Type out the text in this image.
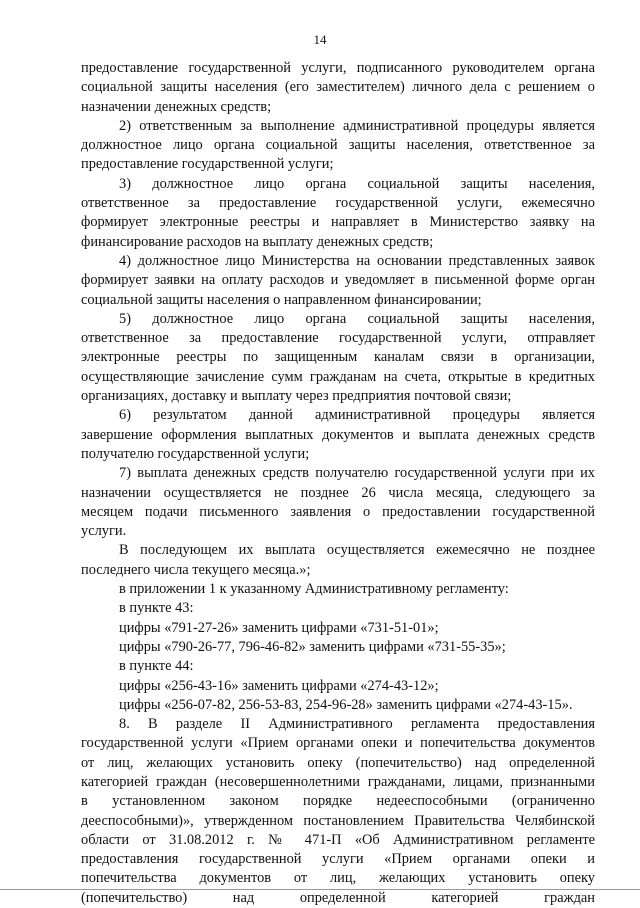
14

предоставление государственной услуги, подписанного руководителем органа

социальной защиты населения (его заместителем) личного дела с решением о

назначении денежных средств;

2) ответственным за выполнение административной процедуры является

должностное лицо органа социальной защиты населения, ответственное за

предоставление государственной услуги;

3) должностное лицо органа социальной защиты населения,

ответственное за предоставление государственной услуги, ежемесячно

формирует электронные реестры и направляет в Министерство заявку на

финансирование расходов на выплату денежных средств;

4) должностное лицо Министерства на основании представленных заявок

формирует заявки на оплату расходов и уведомляет в письменной форме орган

социальной защиты населения о направленном финансировании;

5) должностное лицо органа социальной защиты населения,

ответственное за предоставление государственной услуги, отправляет

электронные реестры по защищенным каналам связи в организации,

осуществляющие зачисление сумм гражданам на счета, открытые в кредитных

организациях, доставку и выплату через предприятия почтовой связи;

6) результатом данной административной процедуры является

завершение оформления выплатных документов и выплата денежных средств

получателю государственной услуги;

7) выплата денежных средств получателю государственной услуги при их

назначении осуществляется не позднее 26 числа месяца, следующего за

месяцем подачи письменного заявления о предоставлении государственной

услуги.

В последующем их выплата осуществляется ежемесячно не позднее

последнего числа текущего месяца.»;

в приложении 1 к указанному Административному регламенту:

в пункте 43:

цифры «791-27-26» заменить цифрами «731-51-01»;

цифры «790-26-77, 796-46-82» заменить цифрами «731-55-35»;

в пункте 44:

цифры «256-43-16» заменить цифрами «274-43-12»;

цифры «256-07-82, 256-53-83, 254-96-28» заменить цифрами «274-43-15».

8. В разделе II Административного регламента предоставления

государственной услуги «Прием органами опеки и попечительства документов

от лиц, желающих установить опеку (попечительство) над определенной

категорией граждан (несовершеннолетними гражданами, лицами, признанными

в установленном законом порядке недееспособными (ограниченно

дееспособными)», утвержденном постановлением Правительства Челябинской

области от 31.08.2012 г. № 471-П «Об Административном регламенте

предоставления государственной услуги «Прием органами опеки и

попечительства документов от лиц, желающих установить опеку

(попечительство) над определенной категорией граждан
